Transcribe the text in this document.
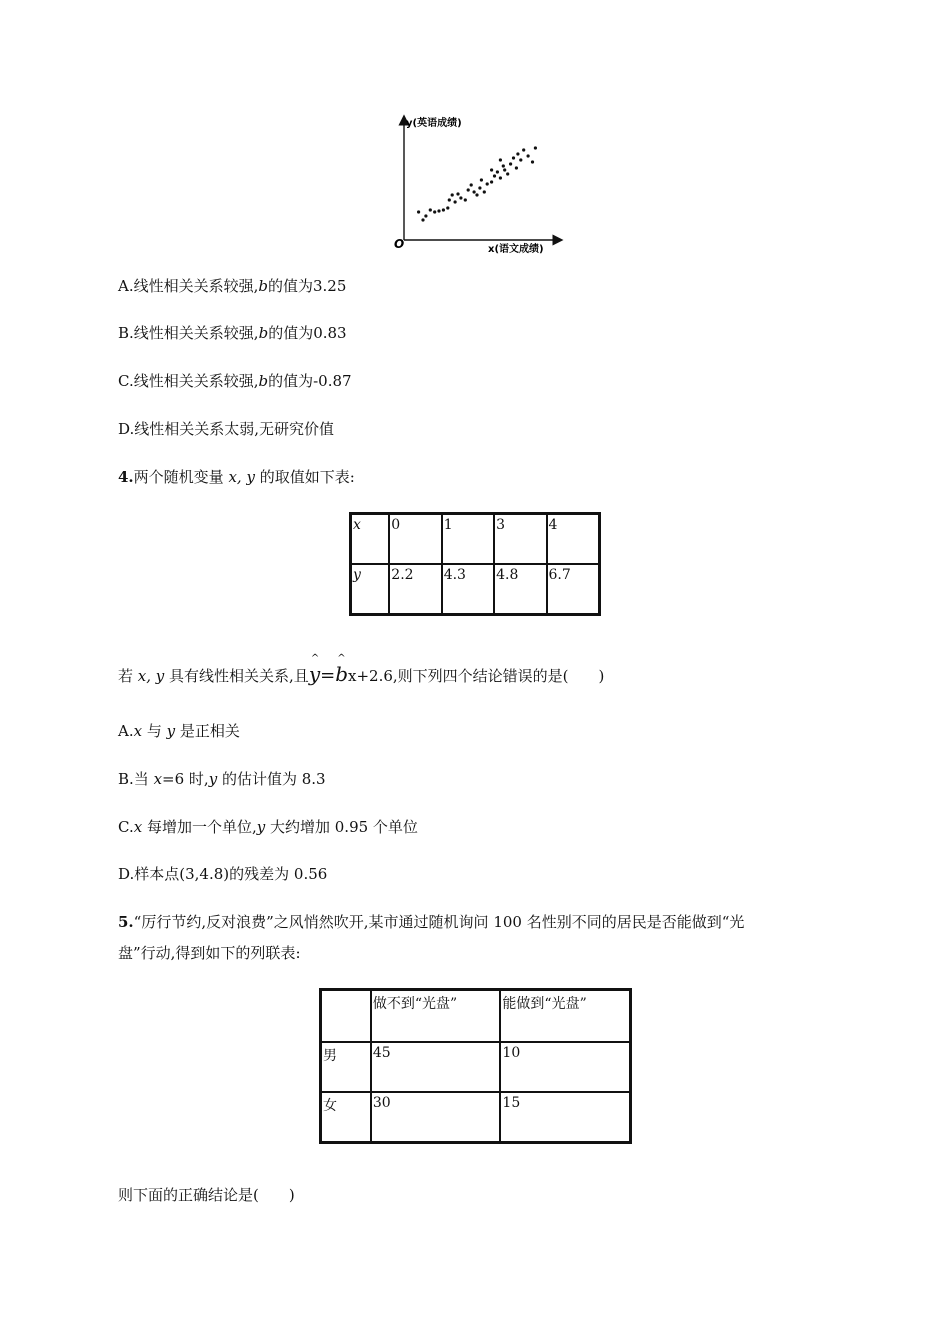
y(英语成绩)
x(语文成绩)
O
A.线性相关关系较强,b的值为3.25
B.线性相关关系较强,b的值为0.83
C.线性相关关系较强,b的值为-0.87
D.线性相关关系太弱,无研究价值
4.两个随机变量 x, y 的取值如下表:
x	0	1	3	4
y	2.2	4.3	4.8	6.7
若 x, y 具有线性相关关系,且^ y=^ bx+2.6,则下列四个结论错误的是(　　)
A.x 与 y 是正相关
B.当 x=6 时,y 的估计值为 8.3
C.x 每增加一个单位,y 大约增加 0.95 个单位
D.样本点(3,4.8)的残差为 0.56
5.“厉行节约,反对浪费”之风悄然吹开,某市通过随机询问 100 名性别不同的居民是否能做到“光
盘”行动,得到如下的列联表:
	做不到“光盘”	能做到“光盘”
男	45	10
女	30	15
则下面的正确结论是(　　)
